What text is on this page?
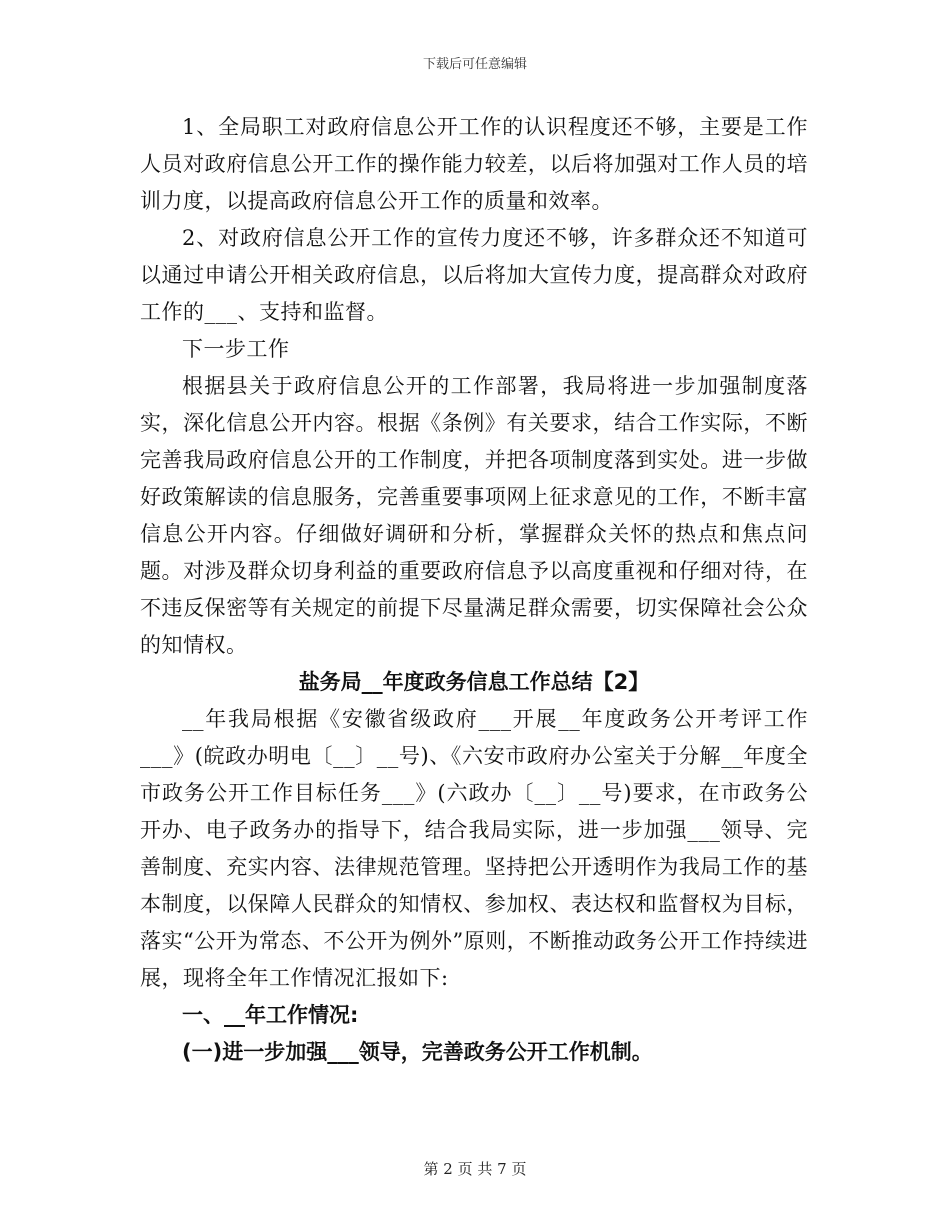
下载后可任意编辑

1、全局职工对政府信息公开工作的认识程度还不够，主要是工作人员对政府信息公开工作的操作能力较差，以后将加强对工作人员的培训力度，以提高政府信息公开工作的质量和效率。

2、对政府信息公开工作的宣传力度还不够，许多群众还不知道可以通过申请公开相关政府信息，以后将加大宣传力度，提高群众对政府工作的___、支持和监督。

下一步工作

根据县关于政府信息公开的工作部署，我局将进一步加强制度落实，深化信息公开内容。根据《条例》有关要求，结合工作实际，不断完善我局政府信息公开的工作制度，并把各项制度落到实处。进一步做好政策解读的信息服务，完善重要事项网上征求意见的工作，不断丰富信息公开内容。仔细做好调研和分析，掌握群众关怀的热点和焦点问题。对涉及群众切身利益的重要政府信息予以高度重视和仔细对待，在不违反保密等有关规定的前提下尽量满足群众需要，切实保障社会公众的知情权。

盐务局__年度政务信息工作总结【2】

__年我局根据《安徽省级政府___开展__年度政务公开考评工作___》(皖政办明电〔__〕__号)、《六安市政府办公室关于分解__年度全市政务公开工作目标任务___》(六政办〔__〕__号)要求，在市政务公开办、电子政务办的指导下，结合我局实际，进一步加强___领导、完善制度、充实内容、法律规范管理。坚持把公开透明作为我局工作的基本制度，以保障人民群众的知情权、参加权、表达权和监督权为目标，落实“公开为常态、不公开为例外”原则，不断推动政务公开工作持续进展，现将全年工作情况汇报如下:

一、__年工作情况:

(一)进一步加强___领导，完善政务公开工作机制。

第 2 页 共 7 页
